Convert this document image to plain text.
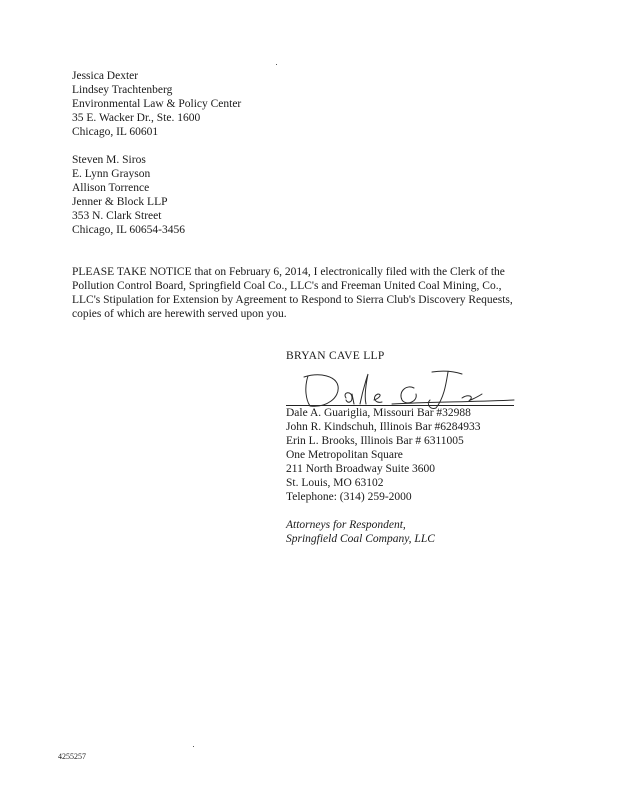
Jessica Dexter
Lindsey Trachtenberg
Environmental Law & Policy Center
35 E. Wacker Dr., Ste. 1600
Chicago, IL 60601
Steven M. Siros
E. Lynn Grayson
Allison Torrence
Jenner & Block LLP
353 N. Clark Street
Chicago, IL 60654-3456
PLEASE TAKE NOTICE that on February 6, 2014, I electronically filed with the Clerk of the
Pollution Control Board, Springfield Coal Co., LLC's and Freeman United Coal Mining, Co.,
LLC's Stipulation for Extension by Agreement to Respond to Sierra Club's Discovery Requests,
copies of which are herewith served upon you.
BRYAN CAVE LLP
Dale A. Guariglia, Missouri Bar #32988
John R. Kindschuh, Illinois Bar #6284933
Erin L. Brooks, Illinois Bar # 6311005
One Metropolitan Square
211 North Broadway Suite 3600
St. Louis, MO 63102
Telephone: (314) 259-2000
Attorneys for Respondent,
Springfield Coal Company, LLC
4255257
